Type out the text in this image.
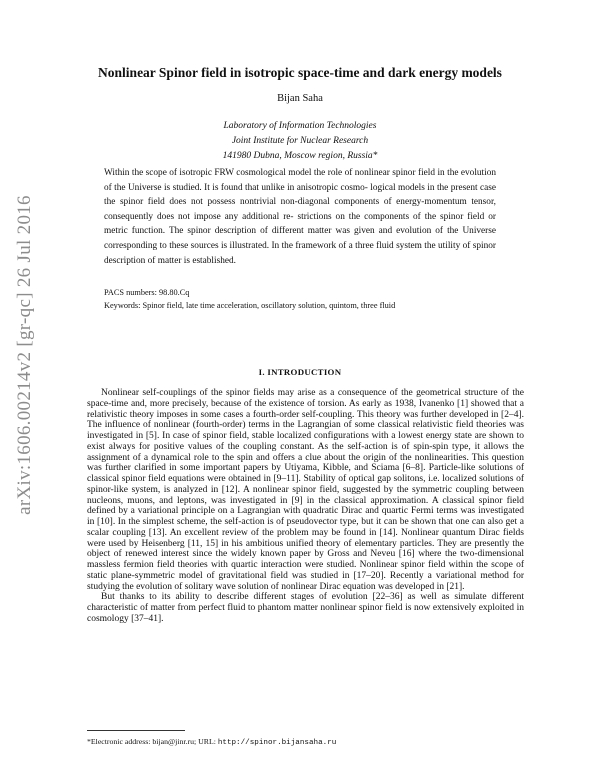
arXiv:1606.00214v2 [gr-qc] 26 Jul 2016
Nonlinear Spinor field in isotropic space-time and dark energy models
Bijan Saha
Laboratory of Information Technologies
Joint Institute for Nuclear Research
141980 Dubna, Moscow region, Russia*

Within the scope of isotropic FRW cosmological model the role of nonlinear spinor field in the evolution of the Universe is studied. It is found that unlike in anisotropic cosmo- logical models in the present case the spinor field does not possess nontrivial non-diagonal components of energy-momentum tensor, consequently does not impose any additional re- strictions on the components of the spinor field or metric function. The spinor description of different matter was given and evolution of the Universe corresponding to these sources is illustrated. In the framework of a three fluid system the utility of spinor description of matter is established.

PACS numbers: 98.80.Cq
Keywords: Spinor field, late time acceleration, oscillatory solution, quintom, three fluid
I. INTRODUCTION

Nonlinear self-couplings of the spinor fields may arise as a consequence of the geometrical structure of the space-time and, more precisely, because of the existence of torsion. As early as 1938, Ivanenko [1] showed that a relativistic theory imposes in some cases a fourth-order self-coupling. This theory was further developed in [2–4]. The influence of nonlinear (fourth-order) terms in the Lagrangian of some classical relativistic field theories was investigated in [5]. In case of spinor field, stable localized configurations with a lowest energy state are shown to exist always for positive values of the coupling constant. As the self-action is of spin-spin type, it allows the assignment of a dynamical role to the spin and offers a clue about the origin of the nonlinearities. This question was further clarified in some important papers by Utiyama, Kibble, and Sciama [6–8]. Particle-like solutions of classical spinor field equations were obtained in [9–11]. Stability of optical gap solitons, i.e. localized solutions of spinor-like system, is analyzed in [12]. A nonlinear spinor field, suggested by the symmetric coupling between nucleons, muons, and leptons, was investigated in [9] in the classical approximation. A classical spinor field defined by a variational principle on a Lagrangian with quadratic Dirac and quartic Fermi terms was investigated in [10]. In the simplest scheme, the self-action is of pseudovector type, but it can be shown that one can also get a scalar coupling [13]. An excellent review of the problem may be found in [14]. Nonlinear quantum Dirac fields were used by Heisenberg [11, 15] in his ambitious unified theory of elementary particles. They are presently the object of renewed interest since the widely known paper by Gross and Neveu [16] where the two-dimensional massless fermion field theories with quartic interaction were studied. Nonlinear spinor field within the scope of static plane-symmetric model of gravitational field was studied in [17–20]. Recently a variational method for studying the evolution of solitary wave solution of nonlinear Dirac equation was developed in [21].

But thanks to its ability to describe different stages of evolution [22–36] as well as simulate different characteristic of matter from perfect fluid to phantom matter nonlinear spinor field is now extensively exploited in cosmology [37–41].

*Electronic address: bijan@jinr.ru; URL: http://spinor.bijansaha.ru
